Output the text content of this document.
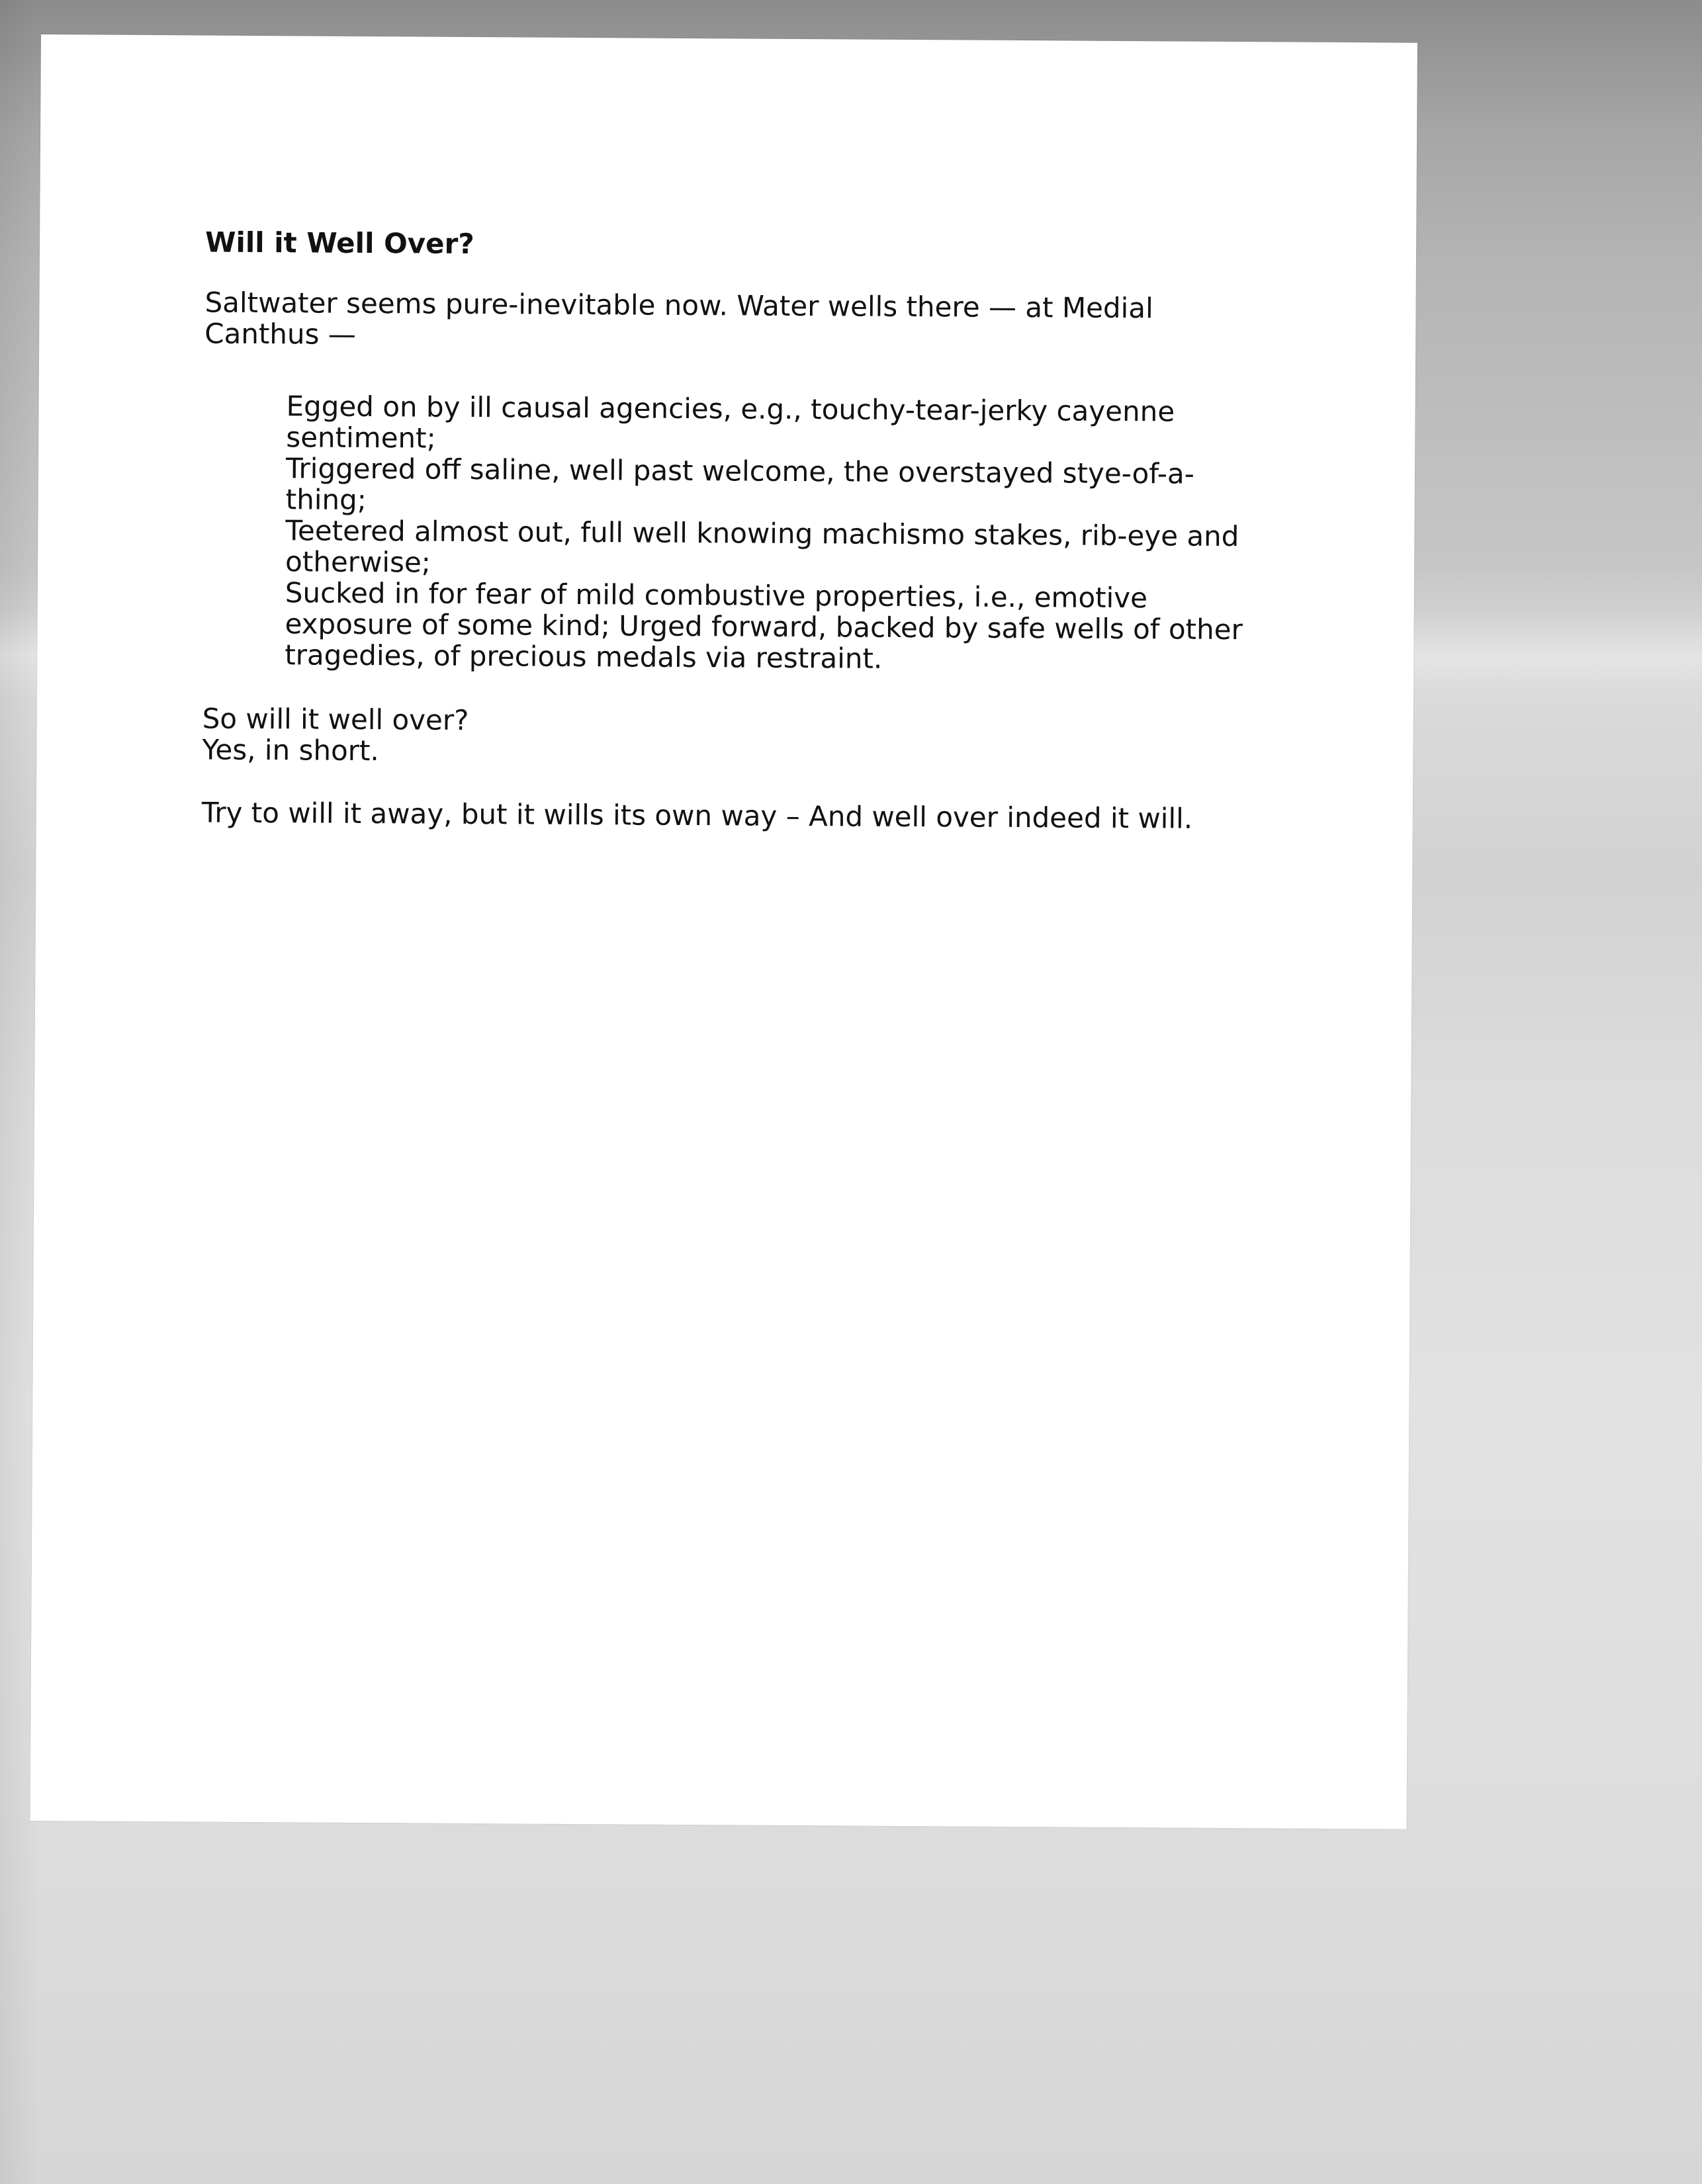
Will it Well Over?
Saltwater seems pure-inevitable now. Water wells there — at Medial Canthus —
Egged on by ill causal agencies, e.g., touchy-tear-jerky cayenne sentiment;
Triggered off saline, well past welcome, the overstayed stye-of-a-thing;
Teetered almost out, full well knowing machismo stakes, rib-eye and otherwise;
Sucked in for fear of mild combustive properties, i.e., emotive exposure of some kind; Urged forward, backed by safe wells of other tragedies, of precious medals via restraint.
So will it well over?
Yes, in short.
Try to will it away, but it wills its own way – And well over indeed it will.
